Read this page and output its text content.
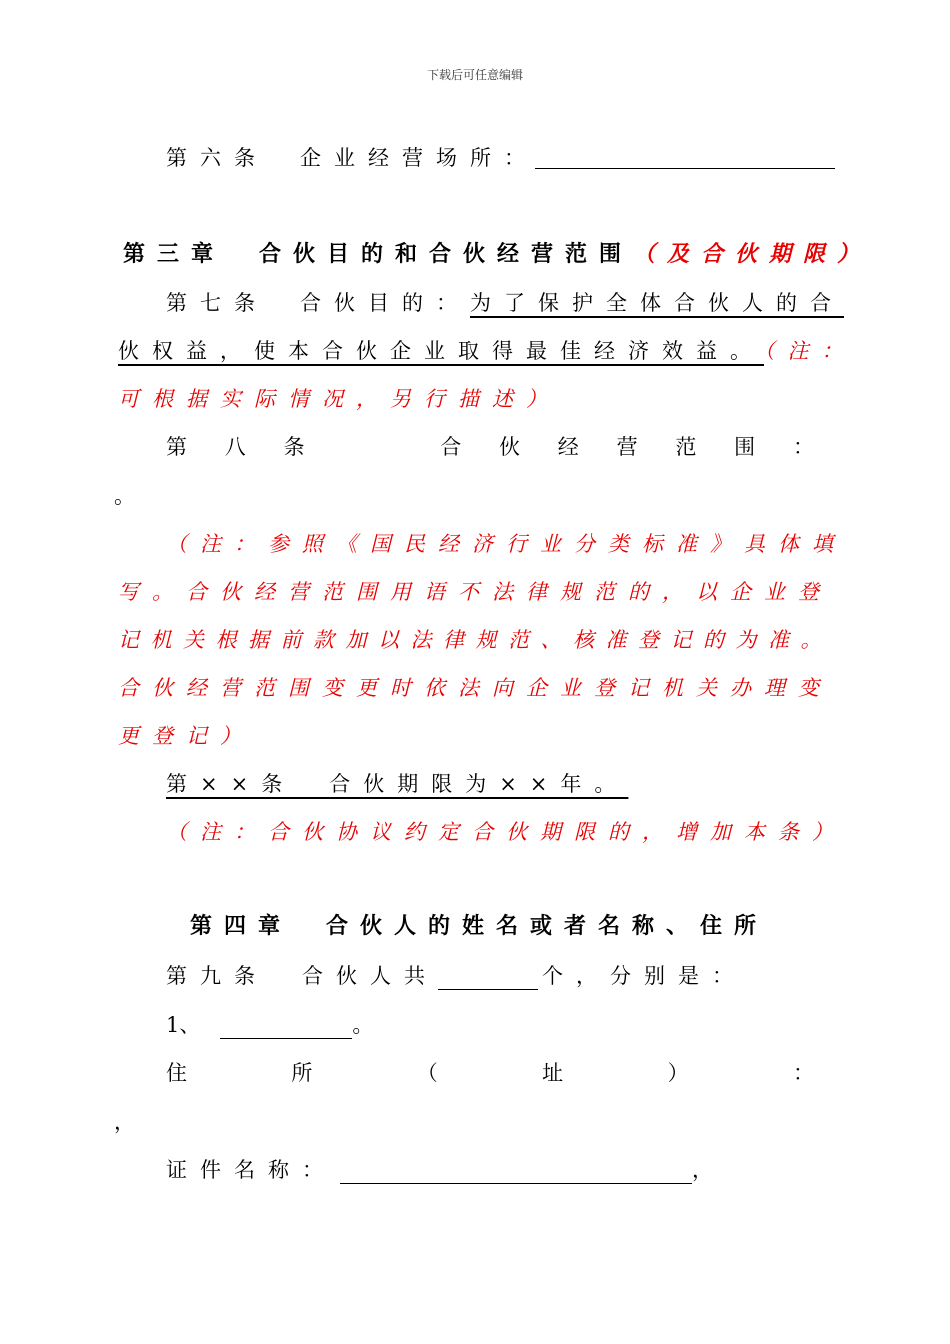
下载后可任意编辑
第六条 企业经营场所：
第三章　合伙目的和合伙经营范围（及合伙期限）
第七条 合伙目的：为了保护全体合伙人的合
伙权益，使本合伙企业取得最佳经济效益。（注：
可根据实际情况，另行描述）
第 八 条	合 伙 经 营 范 围 ：
。
（注：参照《国民经济行业分类标准》具体填
写。合伙经营范围用语不法律规范的，以企业登
记机关根据前款加以法律规范、核准登记的为准。
合伙经营范围变更时依法向企业登记机关办理变
更登记）
第××条　合伙期限为××年。
（注：合伙协议约定合伙期限的，增加本条）
第四章　合伙人的姓名或者名称、住所
第九条　合伙人共	个，分别是：
1、	。
住	所	（	址	）	：
，
证件名称：	，
